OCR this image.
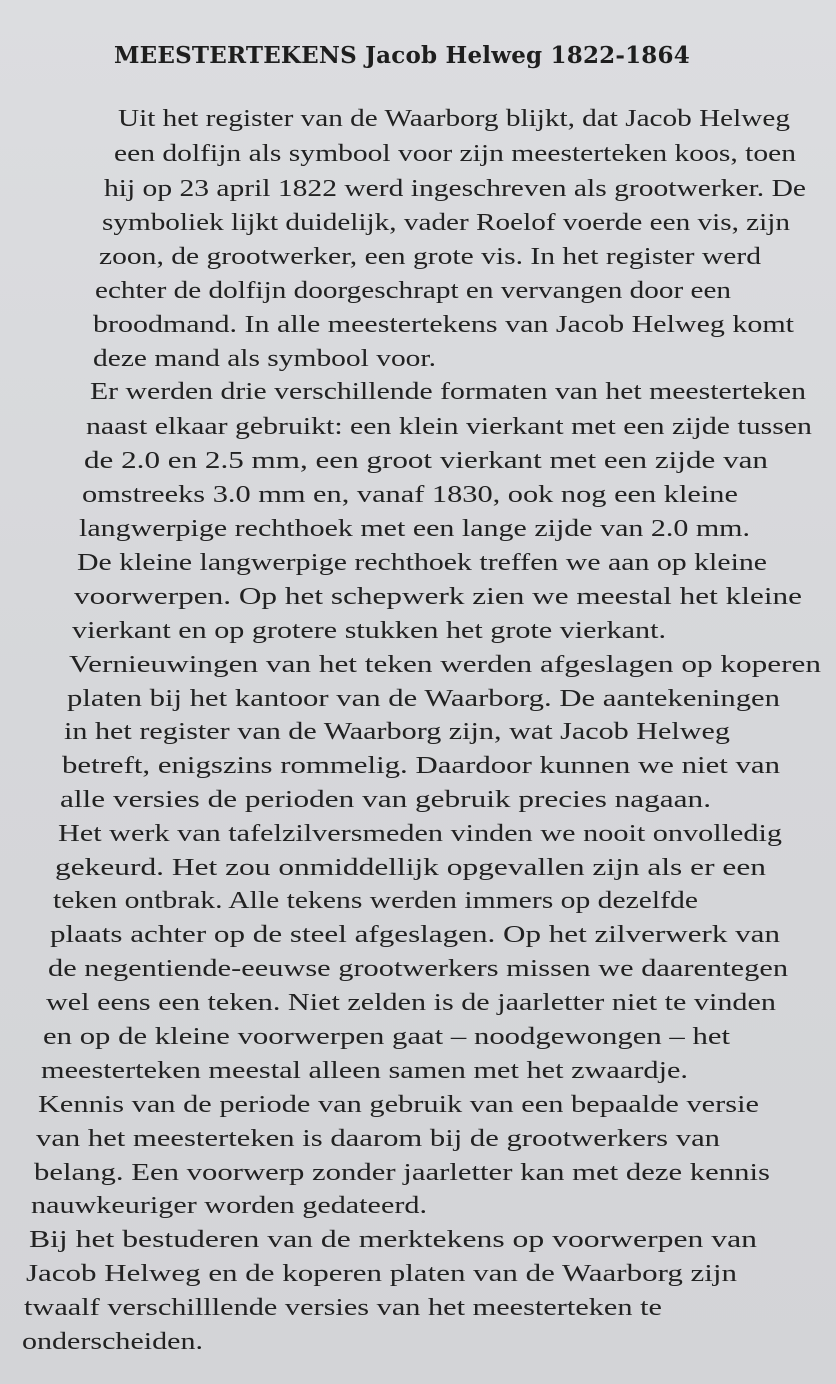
MEESTERTEKENS Jacob Helweg 1822-1864
Uit het register van de Waarborg blijkt, dat Jacob Helweg
een dolfijn als symbool voor zijn meesterteken koos, toen
hij op 23 april 1822 werd ingeschreven als grootwerker. De
symboliek lijkt duidelijk, vader Roelof voerde een vis, zijn
zoon, de grootwerker, een grote vis. In het register werd
echter de dolfijn doorgeschrapt en vervangen door een
broodmand. In alle meestertekens van Jacob Helweg komt
deze mand als symbool voor.
Er werden drie verschillende formaten van het meesterteken
naast elkaar gebruikt: een klein vierkant met een zijde tussen
de 2.0 en 2.5 mm, een groot vierkant met een zijde van
omstreeks 3.0 mm en, vanaf 1830, ook nog een kleine
langwerpige rechthoek met een lange zijde van 2.0 mm.
De kleine langwerpige rechthoek treffen we aan op kleine
voorwerpen. Op het schepwerk zien we meestal het kleine
vierkant en op grotere stukken het grote vierkant.
Vernieuwingen van het teken werden afgeslagen op koperen
platen bij het kantoor van de Waarborg. De aantekeningen
in het register van de Waarborg zijn, wat Jacob Helweg
betreft, enigszins rommelig. Daardoor kunnen we niet van
alle versies de perioden van gebruik precies nagaan.
Het werk van tafelzilversmeden vinden we nooit onvolledig
gekeurd. Het zou onmiddellijk opgevallen zijn als er een
teken ontbrak. Alle tekens werden immers op dezelfde
plaats achter op de steel afgeslagen. Op het zilverwerk van
de negentiende-eeuwse grootwerkers missen we daarentegen
wel eens een teken. Niet zelden is de jaarletter niet te vinden
en op de kleine voorwerpen gaat – noodgewongen – het
meesterteken meestal alleen samen met het zwaardje.
Kennis van de periode van gebruik van een bepaalde versie
van het meesterteken is daarom bij de grootwerkers van
belang. Een voorwerp zonder jaarletter kan met deze kennis
nauwkeuriger worden gedateerd.
Bij het bestuderen van de merktekens op voorwerpen van
Jacob Helweg en de koperen platen van de Waarborg zijn
twaalf verschilllende versies van het meesterteken te
onderscheiden.
